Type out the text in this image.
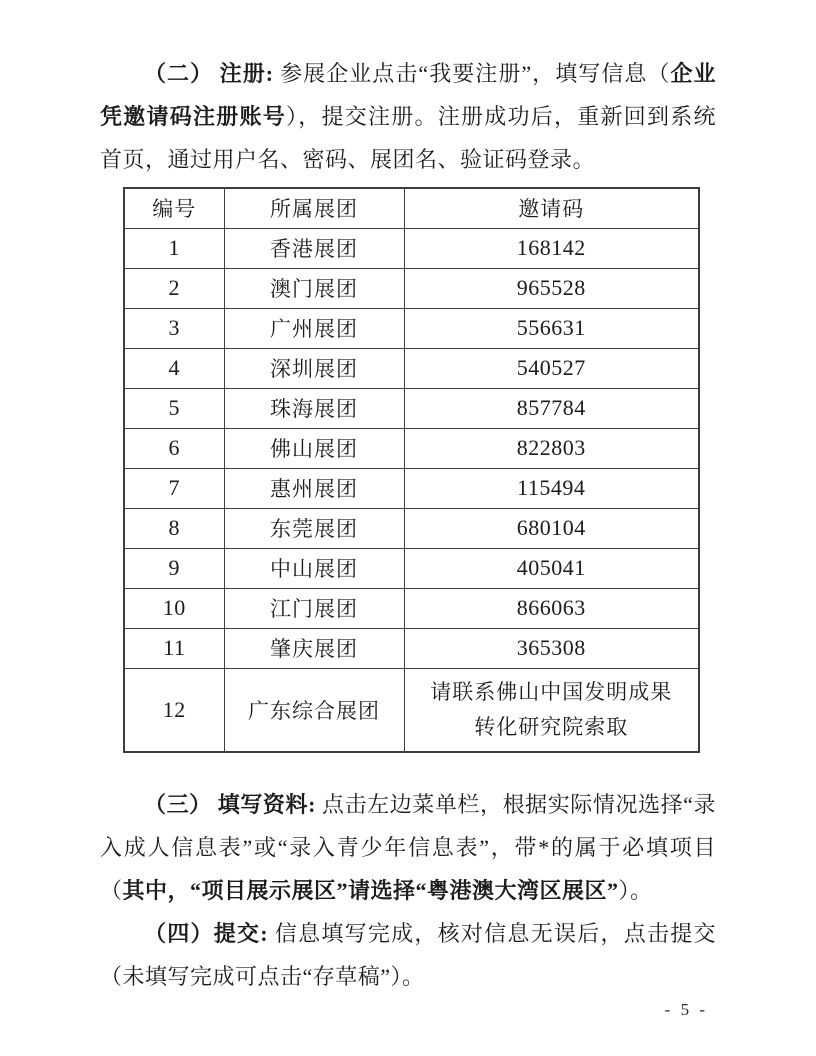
（二） 注册: 参展企业点击“我要注册”，填写信息（企业凭邀请码注册账号），提交注册。注册成功后，重新回到系统首页，通过用户名、密码、展团名、验证码登录。

编号	所属展团	邀请码
1	香港展团	168142
2	澳门展团	965528
3	广州展团	556631
4	深圳展团	540527
5	珠海展团	857784
6	佛山展团	822803
7	惠州展团	115494
8	东莞展团	680104
9	中山展团	405041
10	江门展团	866063
11	肇庆展团	365308
12	广东综合展团	请联系佛山中国发明成果转化研究院索取

（三） 填写资料: 点击左边菜单栏，根据实际情况选择“录入成人信息表”或“录入青少年信息表”，带*的属于必填项目（其中，“项目展示展区”请选择“粤港澳大湾区展区”）。

（四）提交: 信息填写完成，核对信息无误后，点击提交（未填写完成可点击“存草稿”）。

- 5 -
